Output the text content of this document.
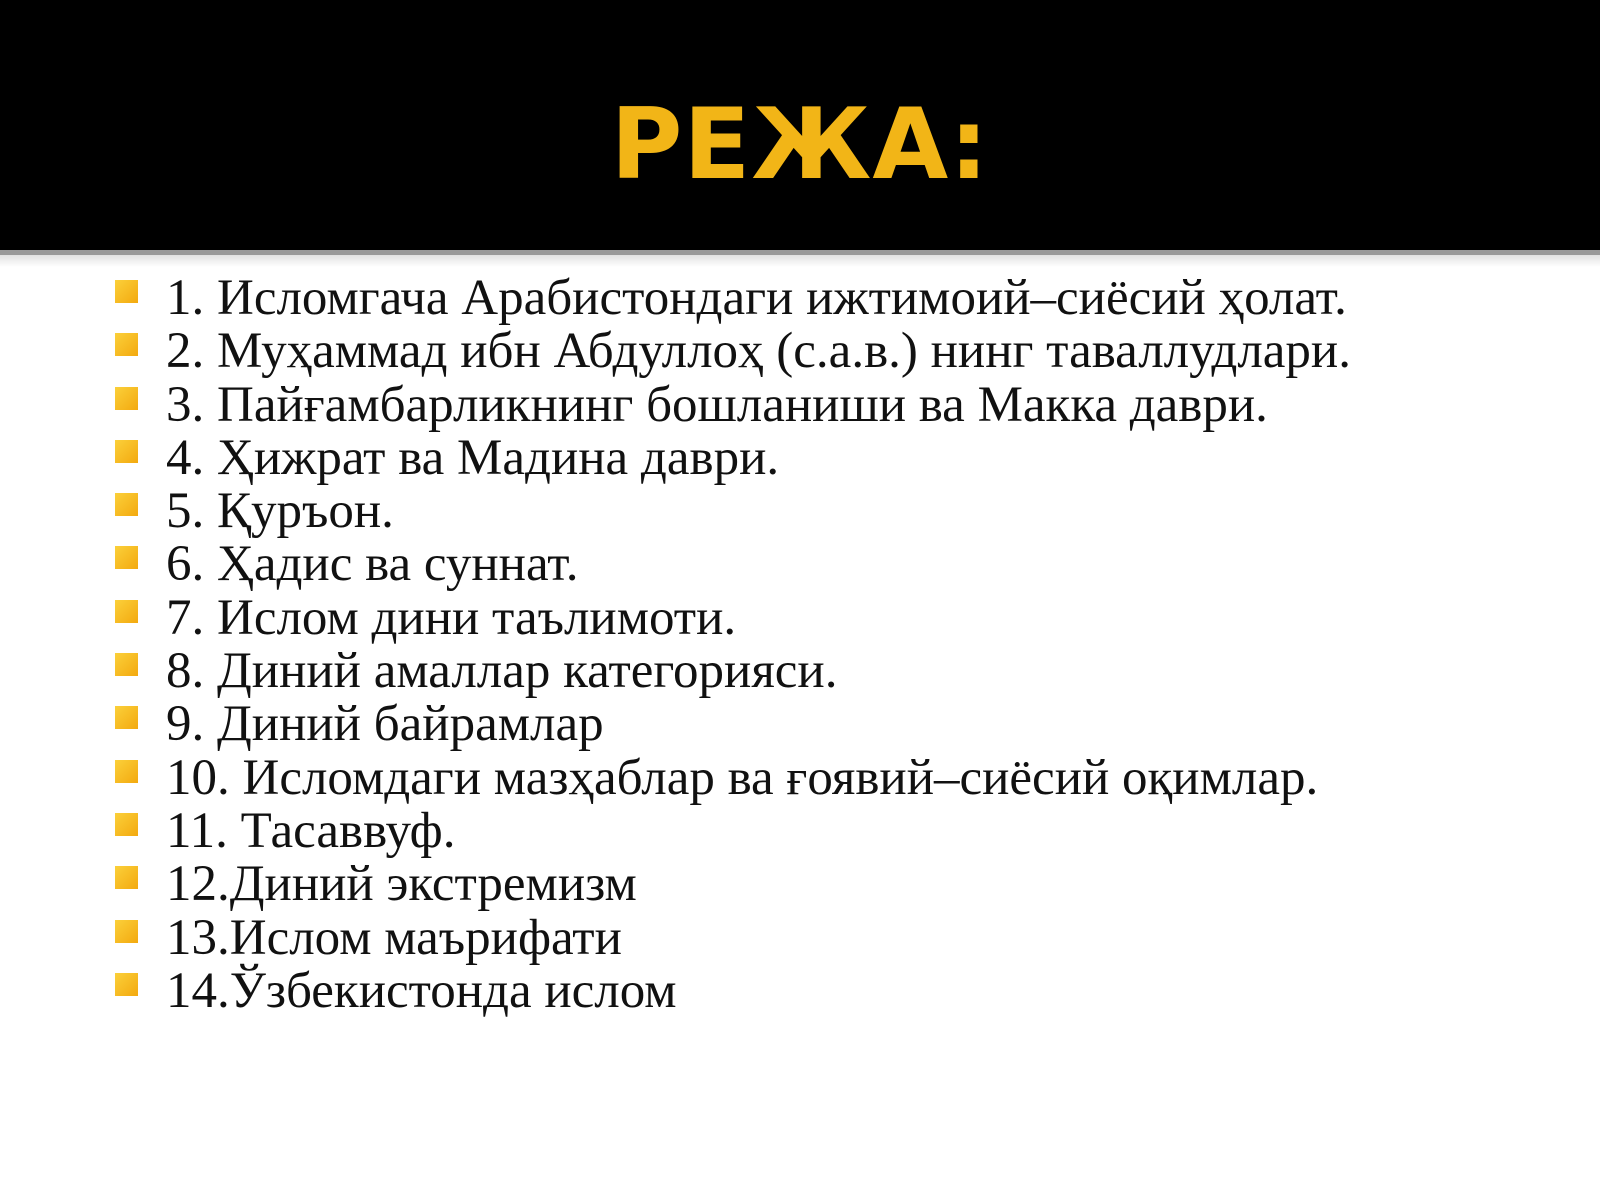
РЕЖА:
1. Исломгача Арабистондаги ижтимоий–сиёсий ҳолат.
2. Муҳаммад ибн Абдуллоҳ (с.а.в.) нинг таваллудлари.
3. Пайғамбарликнинг бошланиши ва Макка даври.
4. Ҳижрат ва Мадина даври.
5. Қуръон.
6. Ҳадис ва суннат.
7. Ислом дини таълимоти.
8. Диний амаллар категорияси.
9. Диний байрамлар
10. Исломдаги мазҳаблар ва ғоявий–сиёсий оқимлар.
11. Тасаввуф.
12.Диний экстремизм
13.Ислом маърифати
14.Ўзбекистонда ислом
